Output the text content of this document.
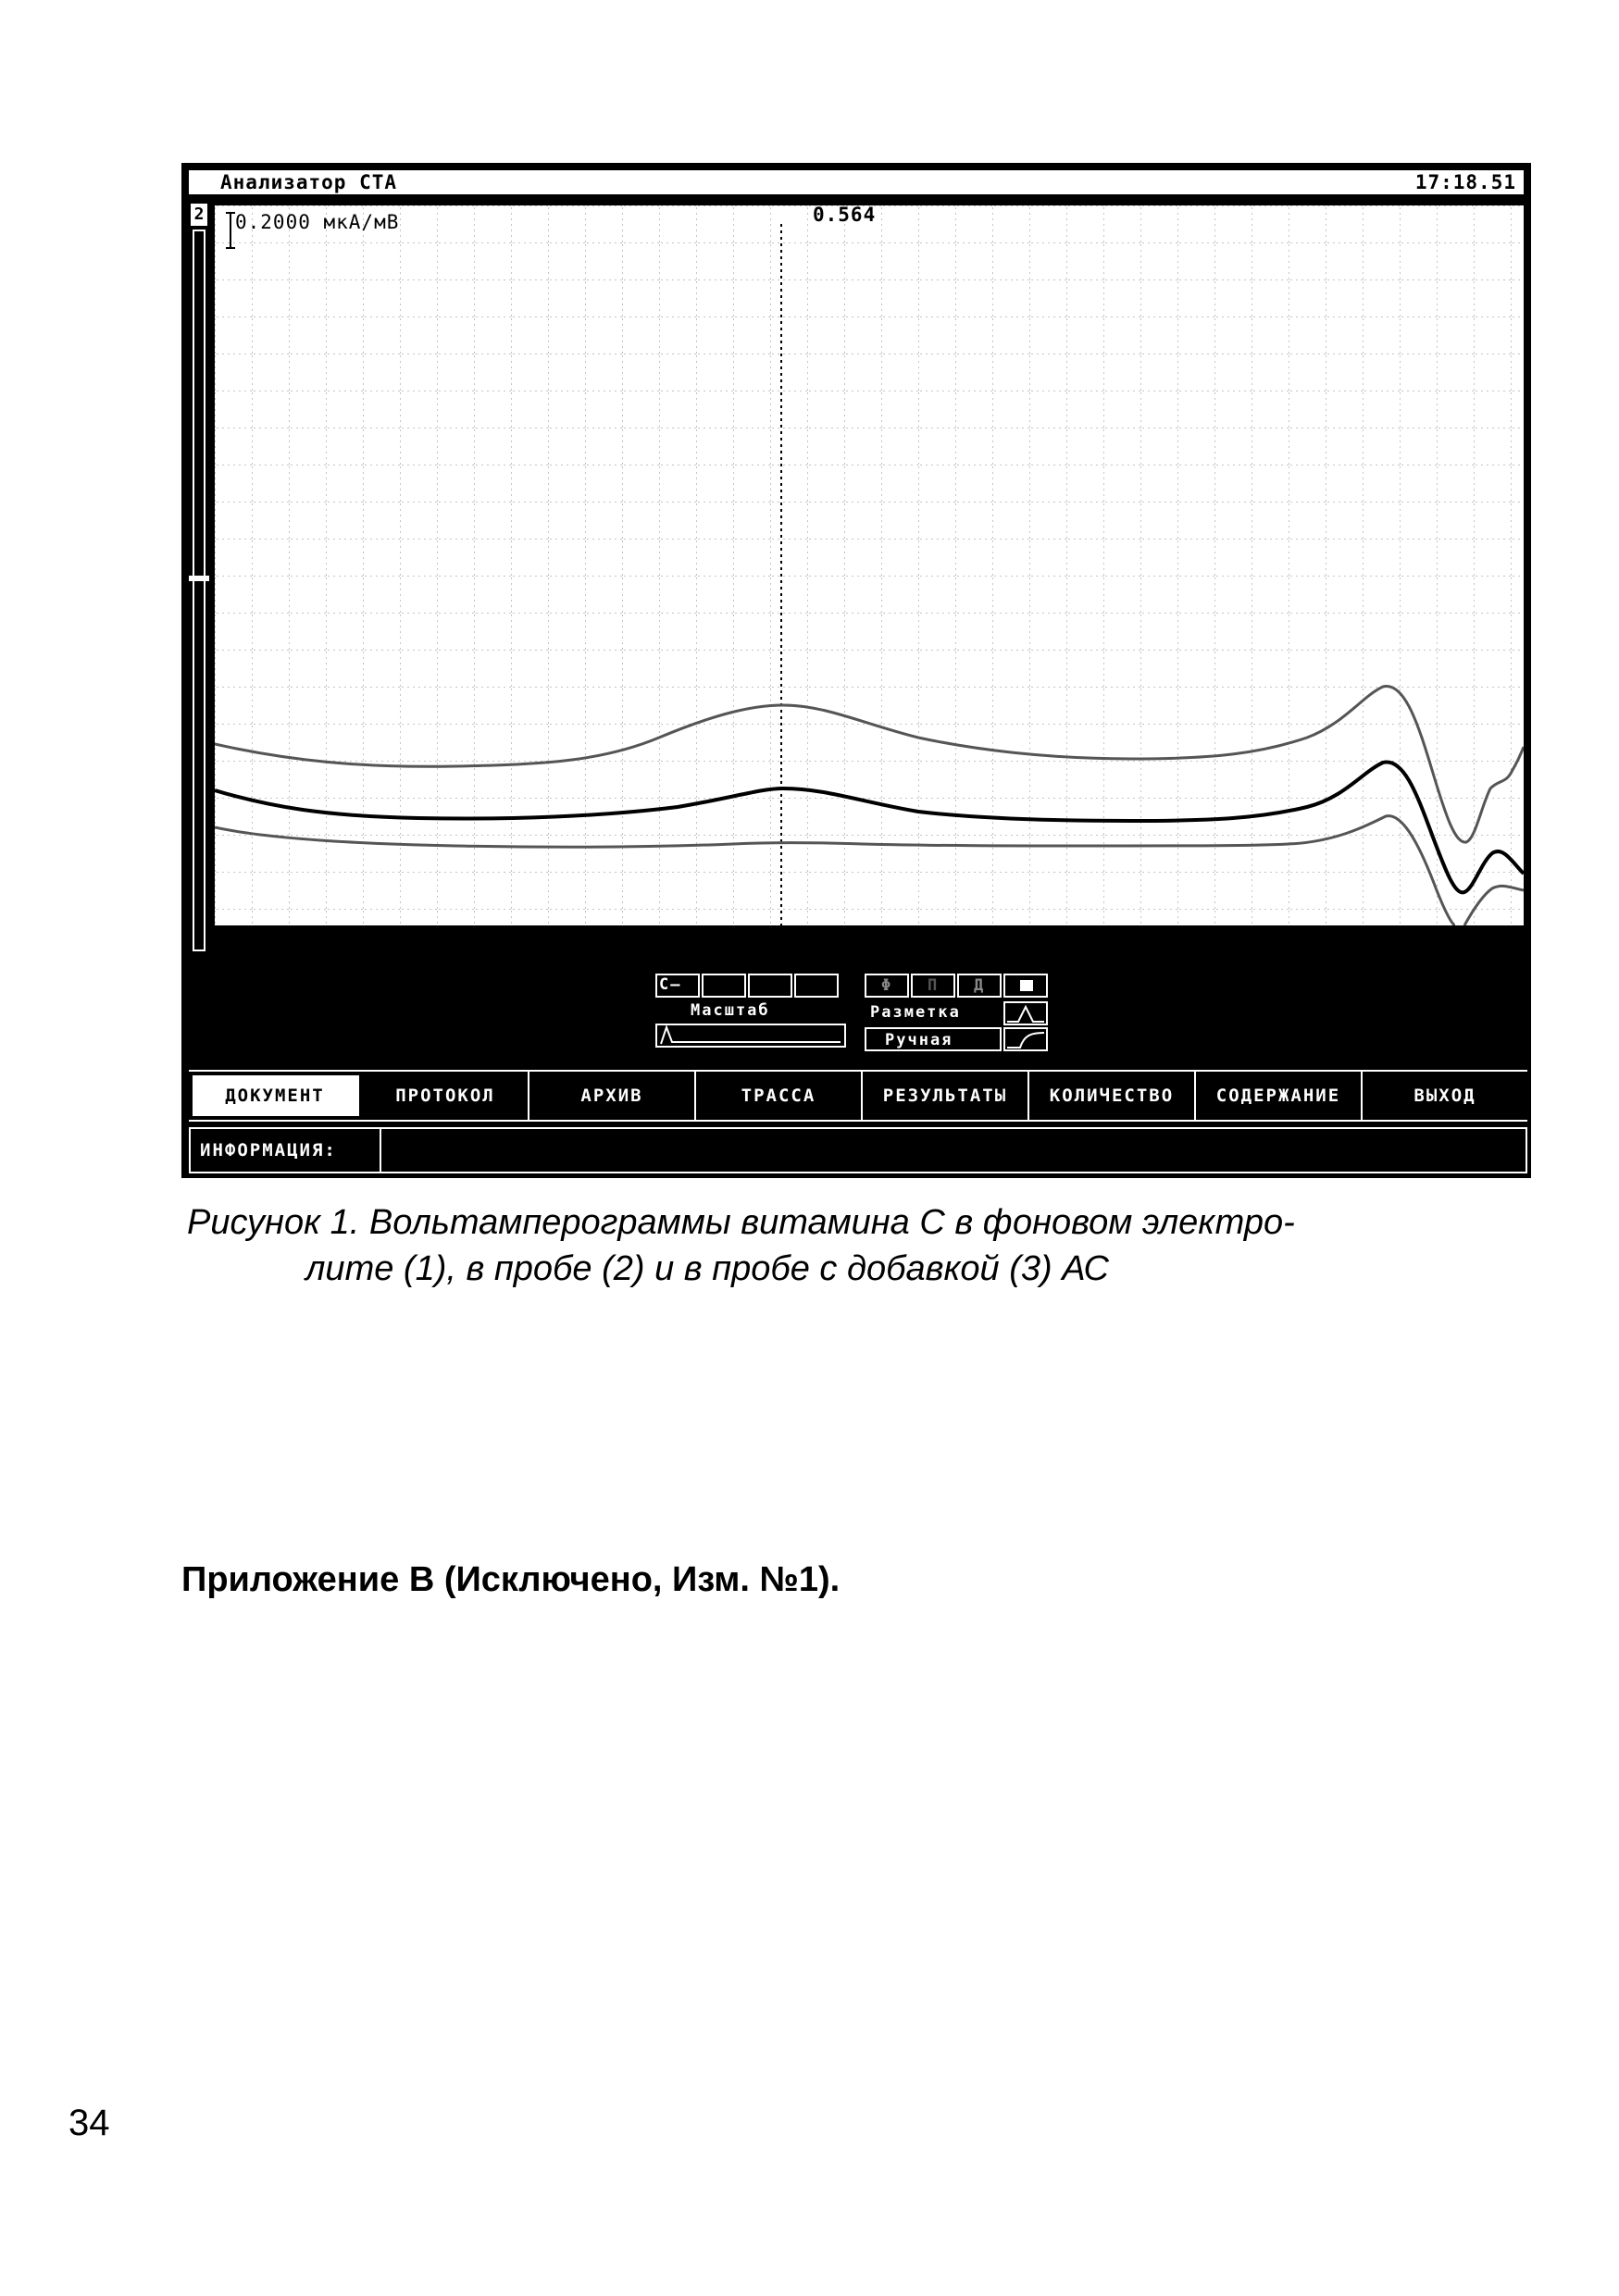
Анализатор СТА	17:18.51
2 0.2000 мкА/мВ	0.564
С–	Φ П Д
Масштаб	Разметка
Ручная
ДОКУМЕНТ	ПРОТОКОЛ	АРХИВ	ТРАССА	РЕЗУЛЬТАТЫ	КОЛИЧЕСТВО	СОДЕРЖАНИЕ	ВЫХОД
ИНФОРМАЦИЯ:
Рисунок 1. Вольтамперограммы витамина С в фоновом электро-
лите (1), в пробе (2) и в пробе с добавкой (3) АС
Приложение В (Исключено, Изм. №1).
34
